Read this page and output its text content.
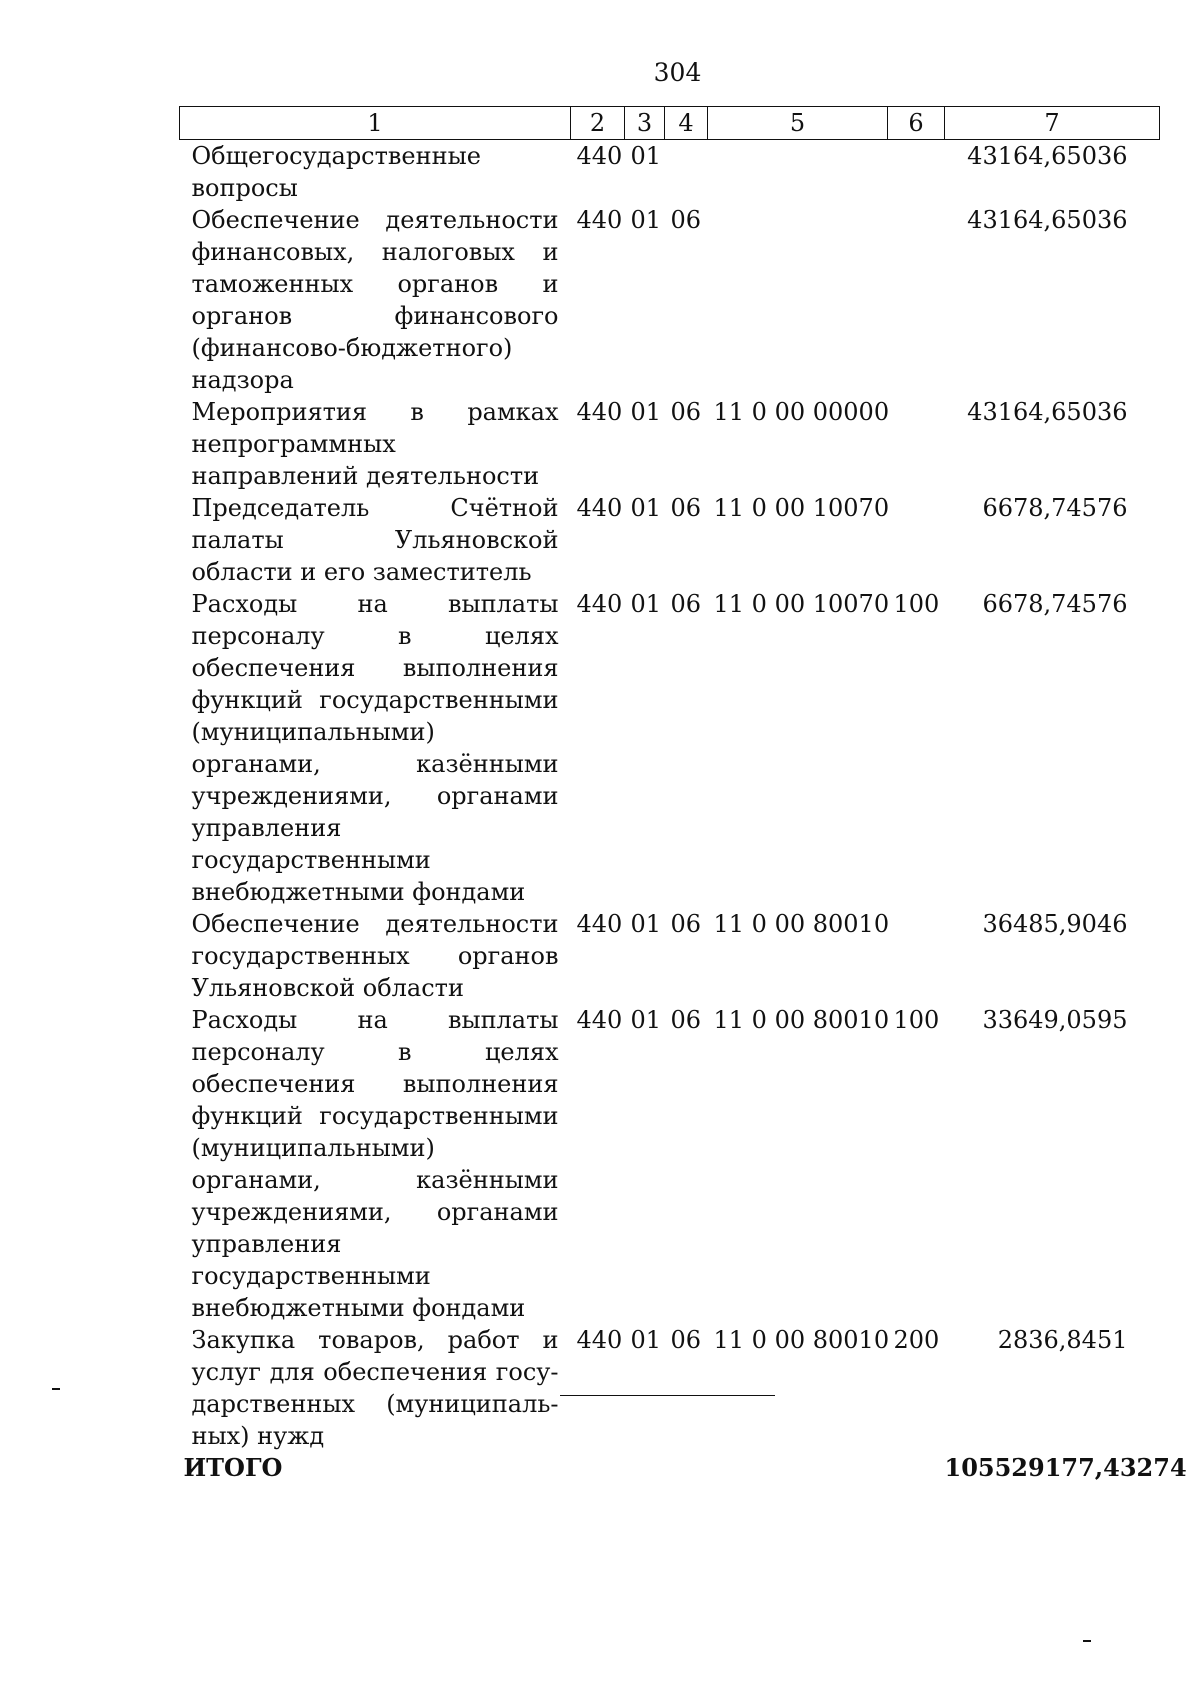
304
1	2	3	4	5	6	7
Общегосударственные вопросы	440	01				43164,65036
Обеспечение деятельности финансовых, налоговых и таможенных органов и органов финансового (финансово-бюджетного) надзора	440	01	06			43164,65036
Мероприятия в рамках непрограммных направлений деятельности	440	01	06	11 0 00 00000		43164,65036
Председатель Счётной палаты Ульяновской области и его заместитель	440	01	06	11 0 00 10070		6678,74576
Расходы на выплаты персоналу в целях обеспечения выполнения функций государственными (муниципальными) органами, казёнными учреждениями, органами управления государственными внебюджетными фондами	440	01	06	11 0 00 10070	100	6678,74576
Обеспечение деятельности государственных органов Ульяновской области	440	01	06	11 0 00 80010		36485,9046
Расходы на выплаты персоналу в целях обеспечения выполнения функций государственными (муниципальными) органами, казёнными учреждениями, органами управления государственными внебюджетными фондами	440	01	06	11 0 00 80010	100	33649,0595
Закупка товаров, работ и услуг для обеспечения государственных (муниципальных) нужд	440	01	06	11 0 00 80010	200	2836,8451
ИТОГО						105529177,43274
